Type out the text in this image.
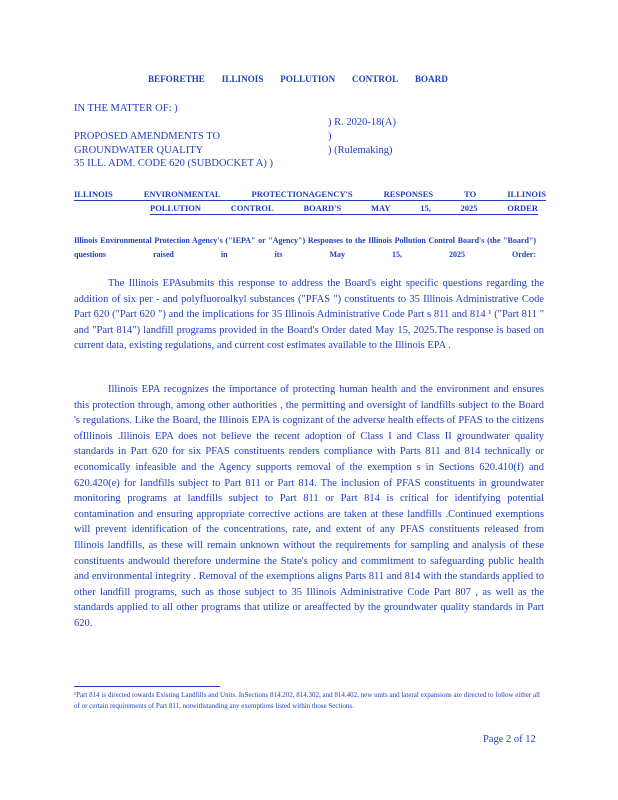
BEFORETHE ILLINOIS POLLUTION CONTROL BOARD
IN THE MATTER OF: )
) R. 2020-18(A)
PROPOSED AMENDMENTS TO	)
GROUNDWATER QUALITY	) (Rulemaking)
35 ILL. ADM. CODE 620 (SUBDOCKET A) )
ILLINOIS	ENVIRONMENTAL	PROTECTIONAGENCY'S	RESPONSES	TO	ILLINOIS
POLLUTION	CONTROL	BOARD'S	MAY	15,	2025	ORDER
Illinois Environmental Protection Agency's ("IEPA" or "Agency") Responses to the Illinois Pollution Control Board's (the "Board") questions raised in its May 15, 2025 Order:
The Illinois EPAsubmits this response to address the Board's eight specific questions regarding the addition of six per - and polyfluoroalkyl substances ("PFAS ") constituents to 35 Illinois Administrative Code Part 620 ("Part 620 ") and the implications for 35 Illinois Administrative Code Part s 811 and 814 ¹ ("Part 811 " and "Part 814") landfill programs provided in the Board's Order dated May 15, 2025.The response is based on current data, existing regulations, and current cost estimates available to the Illinois EPA .
Illinois EPA recognizes the importance of protecting human health and the environment and ensures this protection through, among other authorities , the permitting and oversight of landfills subject to the Board 's regulations. Like the Board, the Illinois EPA is cognizant of the adverse health effects of PFAS to the citizens ofIllinois .Illinois EPA does not believe the recent adoption of Class I and Class II groundwater quality standards in Part 620 for six PFAS constituents renders compliance with Parts 811 and 814 technically or economically infeasible and the Agency supports removal of the exemption s in Sections 620.410(f) and 620.420(e) for landfills subject to Part 811 or Part 814. The inclusion of PFAS constituents in groundwater monitoring programs at landfills subject to Part 811 or Part 814 is critical for identifying potential contamination and ensuring appropriate corrective actions are taken at these landfills .Continued exemptions will prevent identification of the concentrations, rate, and extent of any PFAS constituents released from Illinois landfills, as these will remain unknown without the requirements for sampling and analysis of these constituents andwould therefore undermine the State's policy and commitment to safeguarding public health and environmental integrity . Removal of the exemptions aligns Parts 811 and 814 with the standards applied to other landfill programs, such as those subject to 35 Illinois Administrative Code Part 807 , as well as the standards applied to all other programs that utilize or areaffected by the groundwater quality standards in Part 620.
¹Part 814 is directed towards Existing Landfills and Units. InSections 814.202, 814.302, and 814.402, new units and lateral expansions are directed to follow either all of or certain requirements of Part 811, notwithstanding any exemptions listed within those Sections.
Page 2 of 12
